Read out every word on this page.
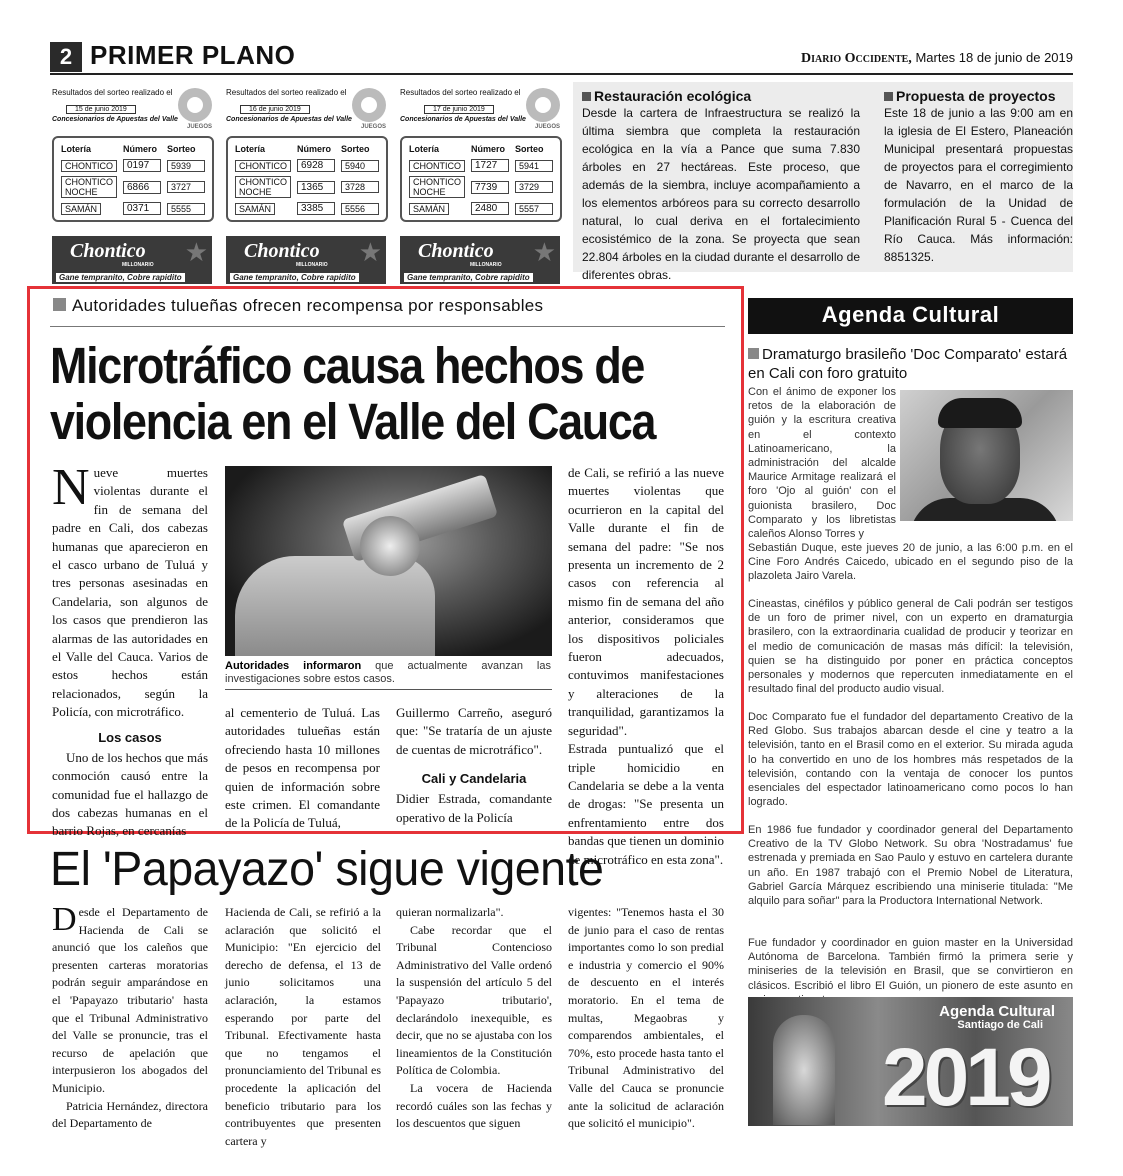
2 PRIMER PLANO	Diario Occidente, Martes 18 de junio de 2019
Resultados del sorteo realizado el
15 de junio 2019
Concesionarios de Apuestas del Valle
JUEGOS
Lotería	Número	Sorteo
CHONTICO	0197	5939
CHONTICO NOCHE	6866	3727
SAMÁN	0371	5555
Resultados del sorteo realizado el
16 de junio 2019
Concesionarios de Apuestas del Valle
JUEGOS
Lotería	Número	Sorteo
CHONTICO	6928	5940
CHONTICO NOCHE	1365	3728
SAMÁN	3385	5556
Resultados del sorteo realizado el
17 de junio 2019
Concesionarios de Apuestas del Valle
JUEGOS
Lotería	Número	Sorteo
CHONTICO	1727	5941
CHONTICO NOCHE	7739	3729
SAMÁN	2480	5557
Chontico
MILLONARIO ★
Gane tempranito, Cobre rapidito
Chontico
MILLONARIO ★
Gane tempranito, Cobre rapidito
Chontico
MILLONARIO ★
Gane tempranito, Cobre rapidito
Restauración ecológica

Desde la cartera de Infraestructura se realizó la última siembra que completa la restauración ecológica en la vía a Pance que suma 7.830 árboles en 27 hectáreas. Este proceso, que además de la siembra, incluye acompañamiento a los elementos arbóreos para su correcto desarrollo natural, lo cual deriva en el fortalecimiento ecosistémico de la zona. Se proyecta que sean 22.804 árboles en la ciudad durante el desarrollo de diferentes obras.

Propuesta de proyectos

Este 18 de junio a las 9:00 am en la iglesia de El Estero, Planeación Municipal presentará propuestas de proyectos para el corregimiento de Navarro, en el marco de la formulación de la Unidad de Planificación Rural 5 - Cuenca del Río Cauca. Más información: 8851325.

Autoridades tulueñas ofrecen recompensa por responsables
Microtráfico causa hechos de
violencia en el Valle del Cauca

Nueve muertes violentas durante el fin de semana del padre en Cali, dos cabezas humanas que aparecieron en el casco urbano de Tuluá y tres personas asesinadas en Candelaria, son algunos de los casos que prendieron las alarmas de las autoridades en el Valle del Cauca. Varios de estos hechos están relacionados, según la Policía, con microtráfico.

Los casos

Uno de los hechos que más conmoción causó entre la comunidad fue el hallazgo de dos cabezas humanas en el barrio Rojas, en cercanías

Autoridades informaron que actualmente avanzan las investigaciones sobre estos casos.

al cementerio de Tuluá. Las autoridades tulueñas están ofreciendo hasta 10 millones de pesos en recompensa por quien de información sobre este crimen. El comandante de la Policía de Tuluá,

Guillermo Carreño, aseguró que: "Se trataría de un ajuste de cuentas de microtráfico".

Cali y Candelaria

Didier Estrada, comandante operativo de la Policía

de Cali, se refirió a las nueve muertes violentas que ocurrieron en la capital del Valle durante el fin de semana del padre: "Se nos presenta un incremento de 2 casos con referencia al mismo fin de semana del año anterior, consideramos que los dispositivos policiales fueron adecuados, contuvimos manifestaciones y alteraciones de la tranquilidad, garantizamos la seguridad".

Estrada puntualizó que el triple homicidio en Candelaria se debe a la venta de drogas: "Se presenta un enfrentamiento entre dos bandas que tienen un dominio de microtráfico en esta zona".

El 'Papayazo' sigue vigente

Desde el Departamento de Hacienda de Cali se anunció que los caleños que presenten carteras moratorias podrán seguir amparándose en el 'Papayazo tributario' hasta que el Tribunal Administrativo del Valle se pronuncie, tras el recurso de apelación que interpusieron los abogados del Municipio.

Patricia Hernández, directora del Departamento de

Hacienda de Cali, se refirió a la aclaración que solicitó el Municipio: "En ejercicio del derecho de defensa, el 13 de junio solicitamos una aclaración, la estamos esperando por parte del Tribunal. Efectivamente hasta que no tengamos el pronunciamiento del Tribunal es procedente la aplicación del beneficio tributario para los contribuyentes que presenten cartera y

quieran normalizarla".

Cabe recordar que el Tribunal Contencioso Administrativo del Valle ordenó la suspensión del artículo 5 del 'Papayazo tributario', declarándolo inexequible, es decir, que no se ajustaba con los lineamientos de la Constitución Política de Colombia.

La vocera de Hacienda recordó cuáles son las fechas y los descuentos que siguen

vigentes: "Tenemos hasta el 30 de junio para el caso de rentas importantes como lo son predial e industria y comercio el 90% de descuento en el interés moratorio. En el tema de multas, Megaobras y comparendos ambientales, el 70%, esto procede hasta tanto el Tribunal Administrativo del Valle del Cauca se pronuncie ante la solicitud de aclaración que solicitó el municipio".

Agenda Cultural
Dramaturgo brasileño 'Doc Comparato' estará en Cali con foro gratuito
Con el ánimo de exponer los retos de la elaboración de guión y la escritura creativa en el contexto Latinoamericano, la administración del alcalde Maurice Armitage realizará el foro 'Ojo al guión' con el guionista brasilero, Doc Comparato y los libretistas caleños Alonso Torres y
Sebastián Duque, este jueves 20 de junio, a las 6:00 p.m. en el Cine Foro Andrés Caicedo, ubicado en el segundo piso de la plazoleta Jairo Varela.
Cineastas, cinéfilos y público general de Cali podrán ser testigos de un foro de primer nivel, con un experto en dramaturgia brasilero, con la extraordinaria cualidad de producir y teorizar en el medio de comunicación de masas más difícil: la televisión, quien se ha distinguido por poner en práctica conceptos personales y modernos que repercuten inmediatamente en el resultado final del producto audio visual.
Doc Comparato fue el fundador del departamento Creativo de la Red Globo. Sus trabajos abarcan desde el cine y teatro a la televisión, tanto en el Brasil como en el exterior. Su mirada aguda lo ha convertido en uno de los hombres más respetados de la televisión, contando con la ventaja de conocer los puntos esenciales del espectador latinoamericano como pocos lo han logrado.
En 1986 fue fundador y coordinador general del Departamento Creativo de la TV Globo Network. Su obra 'Nostradamus' fue estrenada y premiada en Sao Paulo y estuvo en cartelera durante un año. En 1987 trabajó con el Premio Nobel de Literatura, Gabriel García Márquez escribiendo una miniserie titulada: "Me alquilo para soñar" para la Productora International Network.
Fue fundador y coordinador en guion master en la Universidad Autónoma de Barcelona. También firmó la primera serie y miniseries de la televisión en Brasil, que se convirtieron en clásicos. Escribió el libro El Guión, un pionero de este asunto en
Agenda Cultural
Santiago de Cali
2019
